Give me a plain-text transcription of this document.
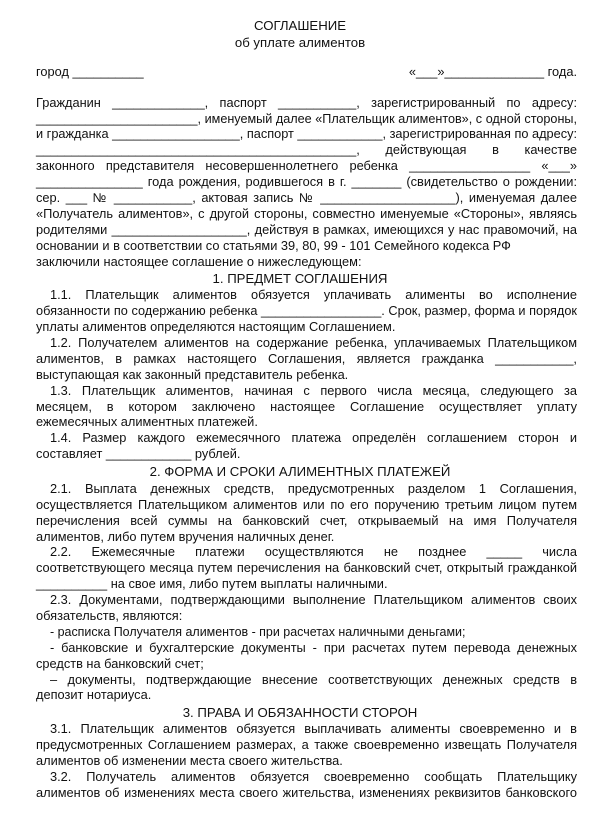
СОГЛАШЕНИЕ
об уплате алиментов
город __________	«___»______________ года.
Гражданин _____________, паспорт ___________, зарегистрированный по адресу:
_______________________, именуемый далее «Плательщик алиментов», с одной стороны,
и гражданка __________________, паспорт ____________, зарегистрированная по адресу:
_____________________________________________, действующая в качестве
законного представителя несовершеннолетнего ребенка _________________ «___»
_______________ года рождения, родившегося в г. _______ (свидетельство о рождении:
сер. ___ № ___________, актовая запись № ___________________), именуемая далее
«Получатель алиментов», с другой стороны, совместно именуемые «Стороны», являясь
родителями ___________________, действуя в рамках, имеющихся у нас правомочий, на
основании и в соответствии со статьями 39, 80, 99 - 101 Семейного кодекса РФ
заключили настоящее соглашение о нижеследующем:
1. ПРЕДМЕТ СОГЛАШЕНИЯ
1.1. Плательщик алиментов обязуется уплачивать алименты во исполнение
обязанности по содержанию ребенка _________________. Срок, размер, форма и порядок
уплаты алиментов определяются настоящим Соглашением.
1.2. Получателем алиментов на содержание ребенка, уплачиваемых Плательщиком
алиментов, в рамках настоящего Соглашения, является гражданка ___________,
выступающая как законный представитель ребенка.
1.3. Плательщик алиментов, начиная с первого числа месяца, следующего за
месяцем, в котором заключено настоящее Соглашение осуществляет уплату
ежемесячных алиментных платежей.
1.4. Размер каждого ежемесячного платежа определён соглашением сторон и
составляет ____________ рублей.
2. ФОРМА И СРОКИ АЛИМЕНТНЫХ ПЛАТЕЖЕЙ
2.1. Выплата денежных средств, предусмотренных разделом 1 Соглашения,
осуществляется Плательщиком алиментов или по его поручению третьим лицом путем
перечисления всей суммы на банковский счет, открываемый на имя Получателя
алиментов, либо путем вручения наличных денег.
2.2. Ежемесячные платежи осуществляются не позднее _____ числа
соответствующего месяца путем перечисления на банковский счет, открытый гражданкой
__________ на свое имя, либо путем выплаты наличными.
2.3. Документами, подтверждающими выполнение Плательщиком алиментов своих
обязательств, являются:
- расписка Получателя алиментов - при расчетах наличными деньгами;
- банковские и бухгалтерские документы - при расчетах путем перевода денежных
средств на банковский счет;
– документы, подтверждающие внесение соответствующих денежных средств в
депозит нотариуса.
3. ПРАВА И ОБЯЗАННОСТИ СТОРОН
3.1. Плательщик алиментов обязуется выплачивать алименты своевременно и в
предусмотренных Соглашением размерах, а также своевременно извещать Получателя
алиментов об изменении места своего жительства.
3.2. Получатель алиментов обязуется своевременно сообщать Плательщику
алиментов об изменениях места своего жительства, изменениях реквизитов банковского
